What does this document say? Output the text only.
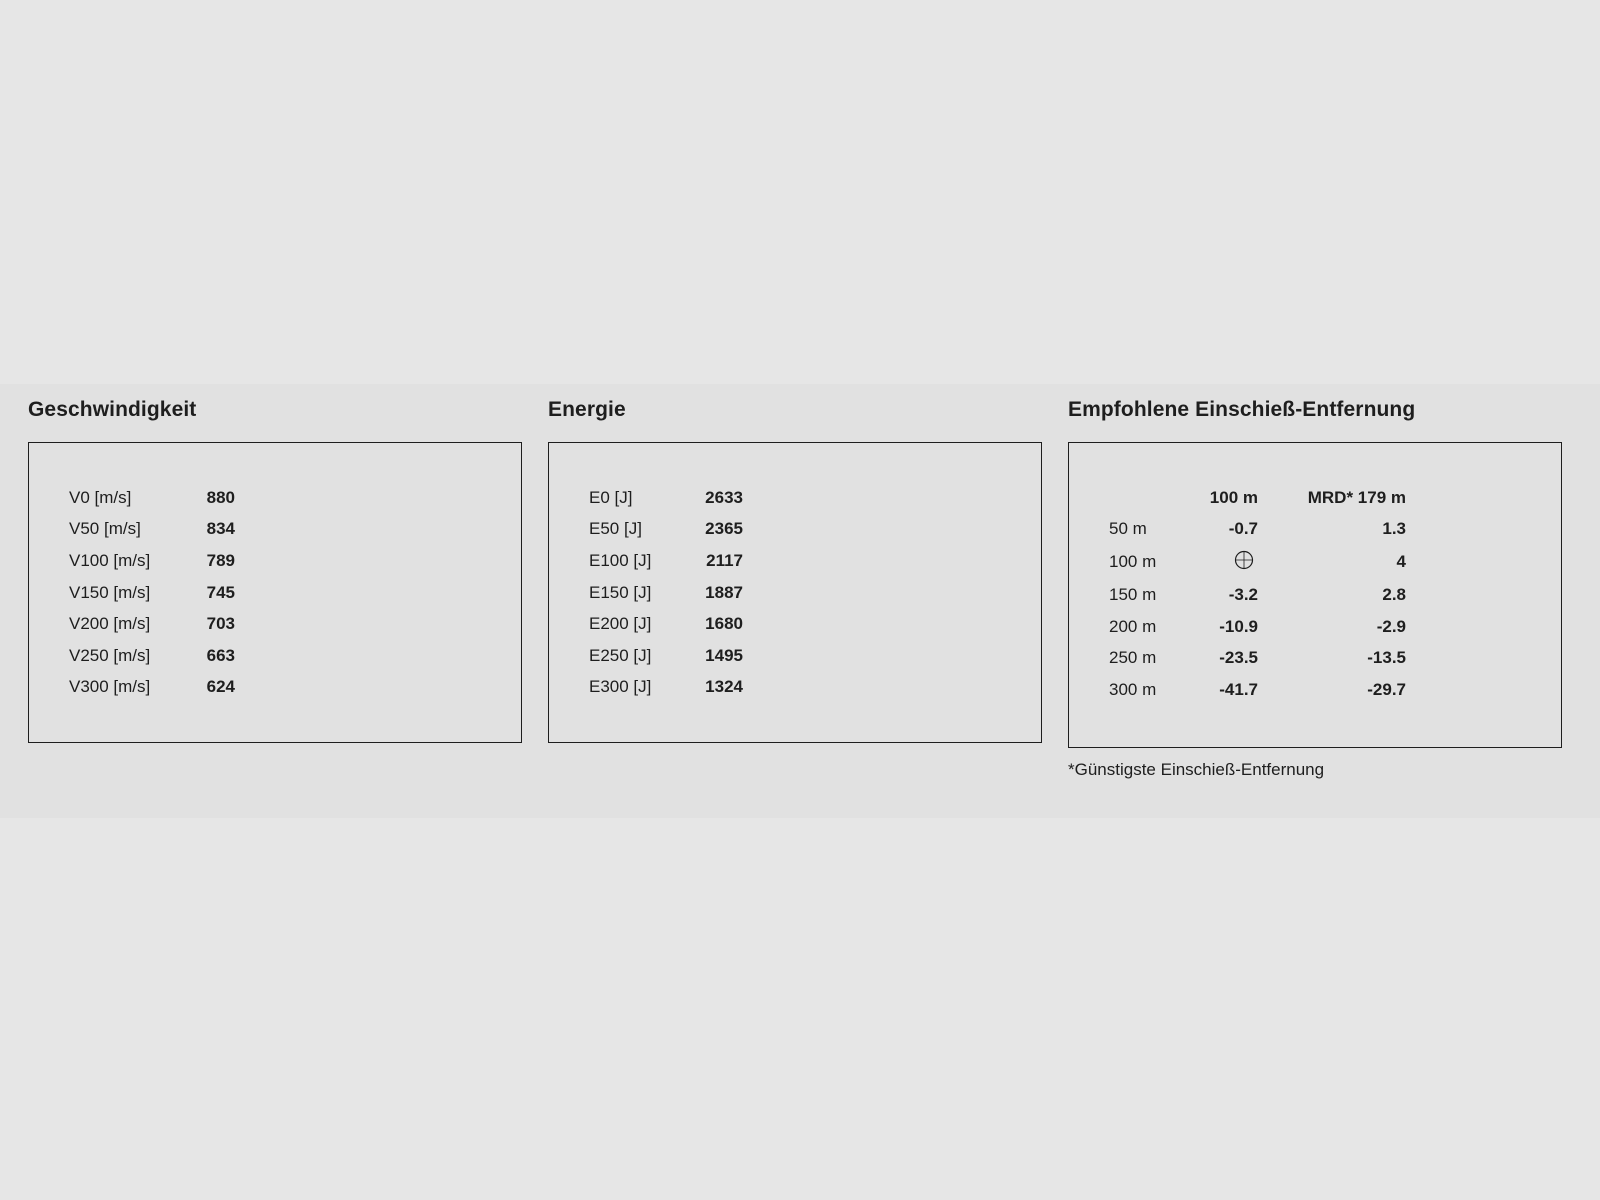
Geschwindigkeit
V0 [m/s]	880
V50 [m/s]	834
V100 [m/s]	789
V150 [m/s]	745
V200 [m/s]	703
V250 [m/s]	663
V300 [m/s]	624
Energie
E0 [J]	2633
E50 [J]	2365
E100 [J]	2117
E150 [J]	1887
E200 [J]	1680
E250 [J]	1495
E300 [J]	1324
Empfohlene Einschieß-Entfernung
	100 m	MRD* 179 m
50 m	-0.7	1.3
100 m		4
150 m	-3.2	2.8
200 m	-10.9	-2.9
250 m	-23.5	-13.5
300 m	-41.7	-29.7
*Günstigste Einschieß-Entfernung
